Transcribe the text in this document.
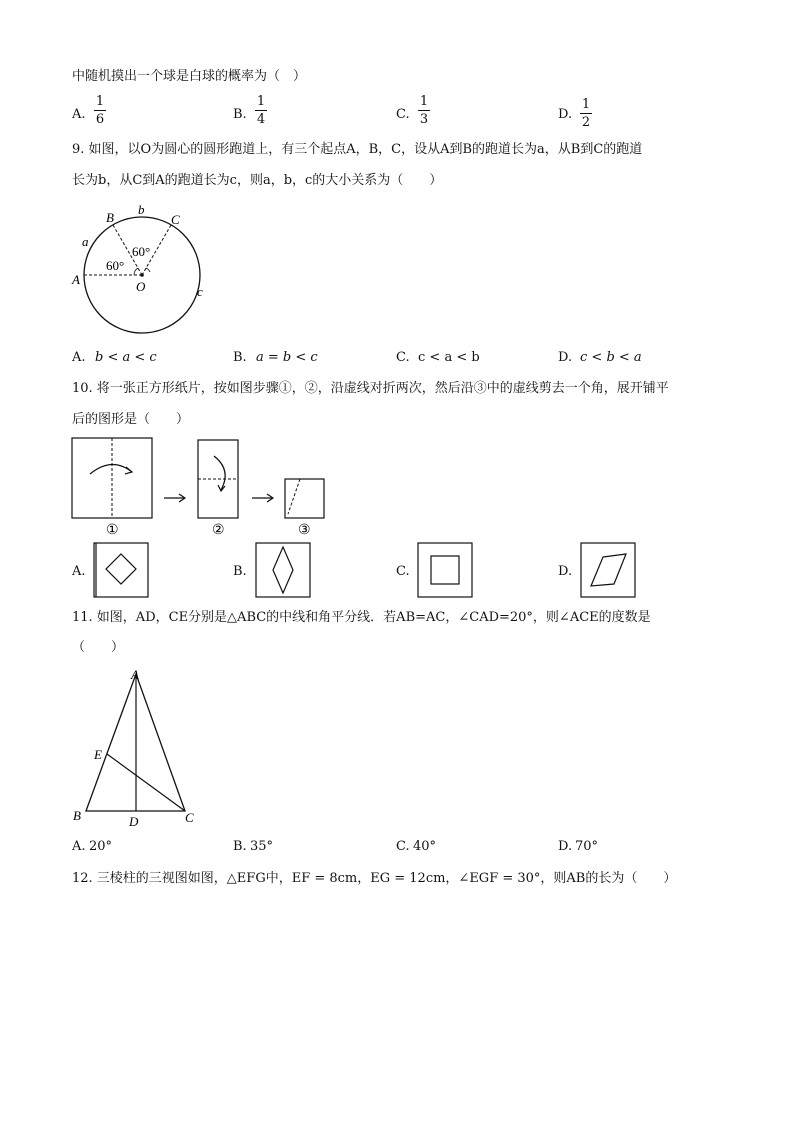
中随机摸出一个球是白球的概率为（　）
A.
1
6	B.
1
4	C.
1
3	D.
1
2
9. 如图，以O为圆心的圆形跑道上，有三个起点A，B，C，设从A到B的跑道长为a，从B到C的跑道
长为b，从C到A的跑道长为c，则a，b，c的大小关系为（　　）
B
b
C
a
60°
60°
A	O	c
A. b < a < c	B. a = b < c	C. c < a < b	D. c < b < a
10. 将一张正方形纸片，按如图步骤①，②，沿虚线对折两次，然后沿③中的虚线剪去一个角，展开铺平
后的图形是（　　）
①	②	③
A.	B.	C.	D.
11. 如图，AD，CE分别是△ABC的中线和角平分线．若AB=AC，∠CAD=20°，则∠ACE的度数是
（　　）
A
E
B	D	C
A. 20°	B. 35°	C. 40°	D. 70°
12. 三棱柱的三视图如图，△EFG中，EF = 8cm，EG = 12cm，∠EGF = 30°，则AB的长为（　　）
